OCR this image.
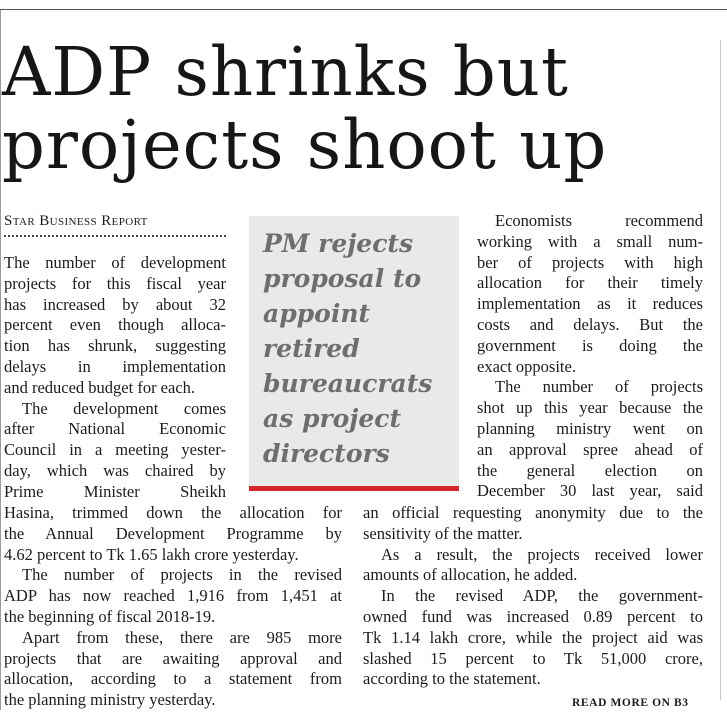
ADP shrinks but
projects shoot up

Star Business Report

PM rejects
proposal to
appoint
retired
bureaucrats
as project
directors

The number of development
projects for this fiscal year
has increased by about 32
percent even though alloca-
tion has shrunk, suggesting
delays in implementation
and reduced budget for each.
The development comes
after National Economic
Council in a meeting yester-
day, which was chaired by
Prime Minister Sheikh

Hasina, trimmed down the allocation for
the Annual Development Programme by
4.62 percent to Tk 1.65 lakh crore yesterday.
The number of projects in the revised
ADP has now reached 1,916 from 1,451 at
the beginning of fiscal 2018-19.
Apart from these, there are 985 more
projects that are awaiting approval and
allocation, according to a statement from
the planning ministry yesterday.

Economists recommend
working with a small num-
ber of projects with high
allocation for their timely
implementation as it reduces
costs and delays. But the
government is doing the
exact opposite.
The number of projects
shot up this year because the
planning ministry went on
an approval spree ahead of
the general election on
December 30 last year, said

an official requesting anonymity due to the
sensitivity of the matter.
As a result, the projects received lower
amounts of allocation, he added.
In the revised ADP, the government-
owned fund was increased 0.89 percent to
Tk 1.14 lakh crore, while the project aid was
slashed 15 percent to Tk 51,000 crore,
according to the statement.

READ MORE ON B3
